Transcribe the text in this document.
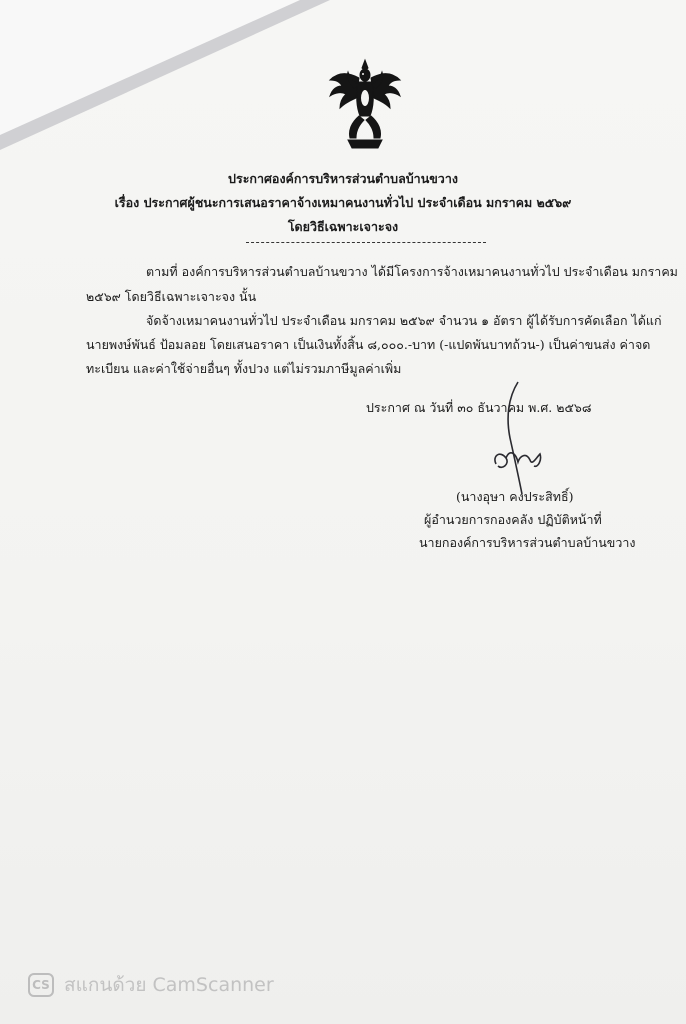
ประกาศองค์การบริหารส่วนตำบลบ้านขวาง
เรื่อง ประกาศผู้ชนะการเสนอราคาจ้างเหมาคนงานทั่วไป ประจำเดือน มกราคม ๒๕๖๙
โดยวิธีเฉพาะเจาะจง
ตามที่ องค์การบริหารส่วนตำบลบ้านขวาง ได้มีโครงการจ้างเหมาคนงานทั่วไป ประจำเดือน มกราคม
๒๕๖๙ โดยวิธีเฉพาะเจาะจง นั้น
จัดจ้างเหมาคนงานทั่วไป ประจำเดือน มกราคม ๒๕๖๙ จำนวน ๑ อัตรา ผู้ได้รับการคัดเลือก ได้แก่
นายพงษ์พันธ์ ป้อมลอย โดยเสนอราคา เป็นเงินทั้งสิ้น ๘,๐๐๐.-บาท (-แปดพันบาทถ้วน-) เป็นค่าขนส่ง ค่าจด
ทะเบียน และค่าใช้จ่ายอื่นๆ ทั้งปวง แต่ไม่รวมภาษีมูลค่าเพิ่ม
ประกาศ ณ วันที่ ๓๐ ธันวาคม พ.ศ. ๒๕๖๘
(นางอุษา คงประสิทธิ์)
ผู้อำนวยการกองคลัง ปฏิบัติหน้าที่
นายกองค์การบริหารส่วนตำบลบ้านขวาง
CS สแกนด้วย CamScanner
